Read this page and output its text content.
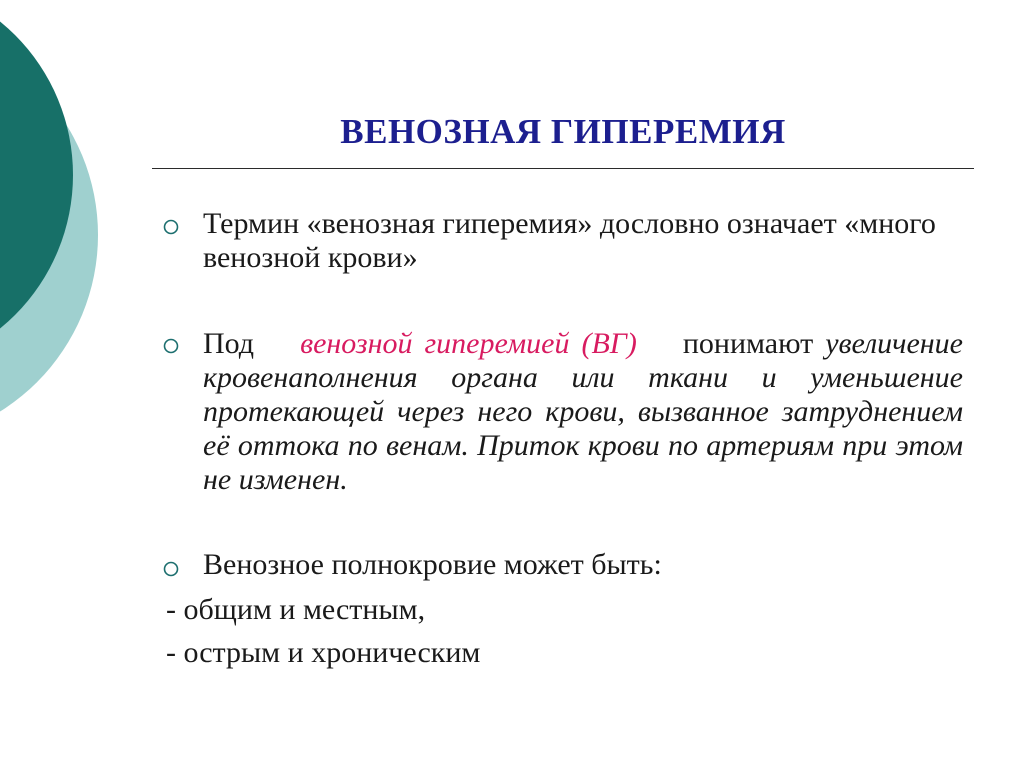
ВЕНОЗНАЯ ГИПЕРЕМИЯ
Термин «венозная гиперемия» дословно означает «много венозной крови»
Под венозной гиперемией (ВГ) понимают увеличение кровенаполнения органа или ткани и уменьшение протекающей через него крови, вызванное затруднением её оттока по венам. Приток крови по артериям при этом не изменен.
Венозное полнокровие может быть:
- общим и местным,
- острым и хроническим
